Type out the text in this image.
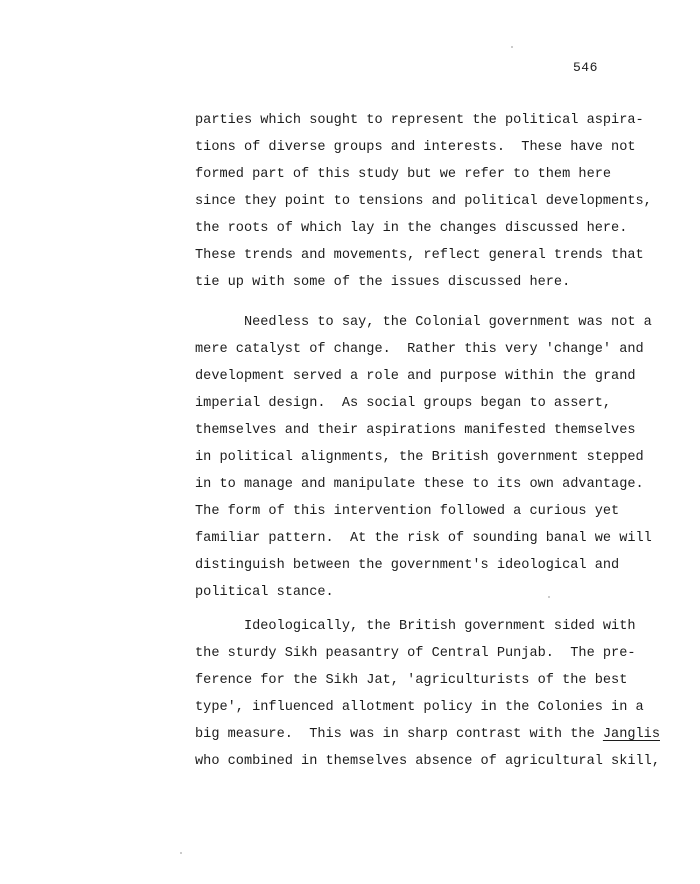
546
parties which sought to represent the political aspira-
tions of diverse groups and interests.  These have not
formed part of this study but we refer to them here
since they point to tensions and political developments,
the roots of which lay in the changes discussed here.
These trends and movements, reflect general trends that
tie up with some of the issues discussed here.
Needless to say, the Colonial government was not a
mere catalyst of change.  Rather this very 'change' and
development served a role and purpose within the grand
imperial design.  As social groups began to assert,
themselves and their aspirations manifested themselves
in political alignments, the British government stepped
in to manage and manipulate these to its own advantage.
The form of this intervention followed a curious yet
familiar pattern.  At the risk of sounding banal we will
distinguish between the government's ideological and
political stance.
Ideologically, the British government sided with
the sturdy Sikh peasantry of Central Punjab.  The pre-
ference for the Sikh Jat, 'agriculturists of the best
type', influenced allotment policy in the Colonies in a
big measure.  This was in sharp contrast with the Janglis
who combined in themselves absence of agricultural skill,
